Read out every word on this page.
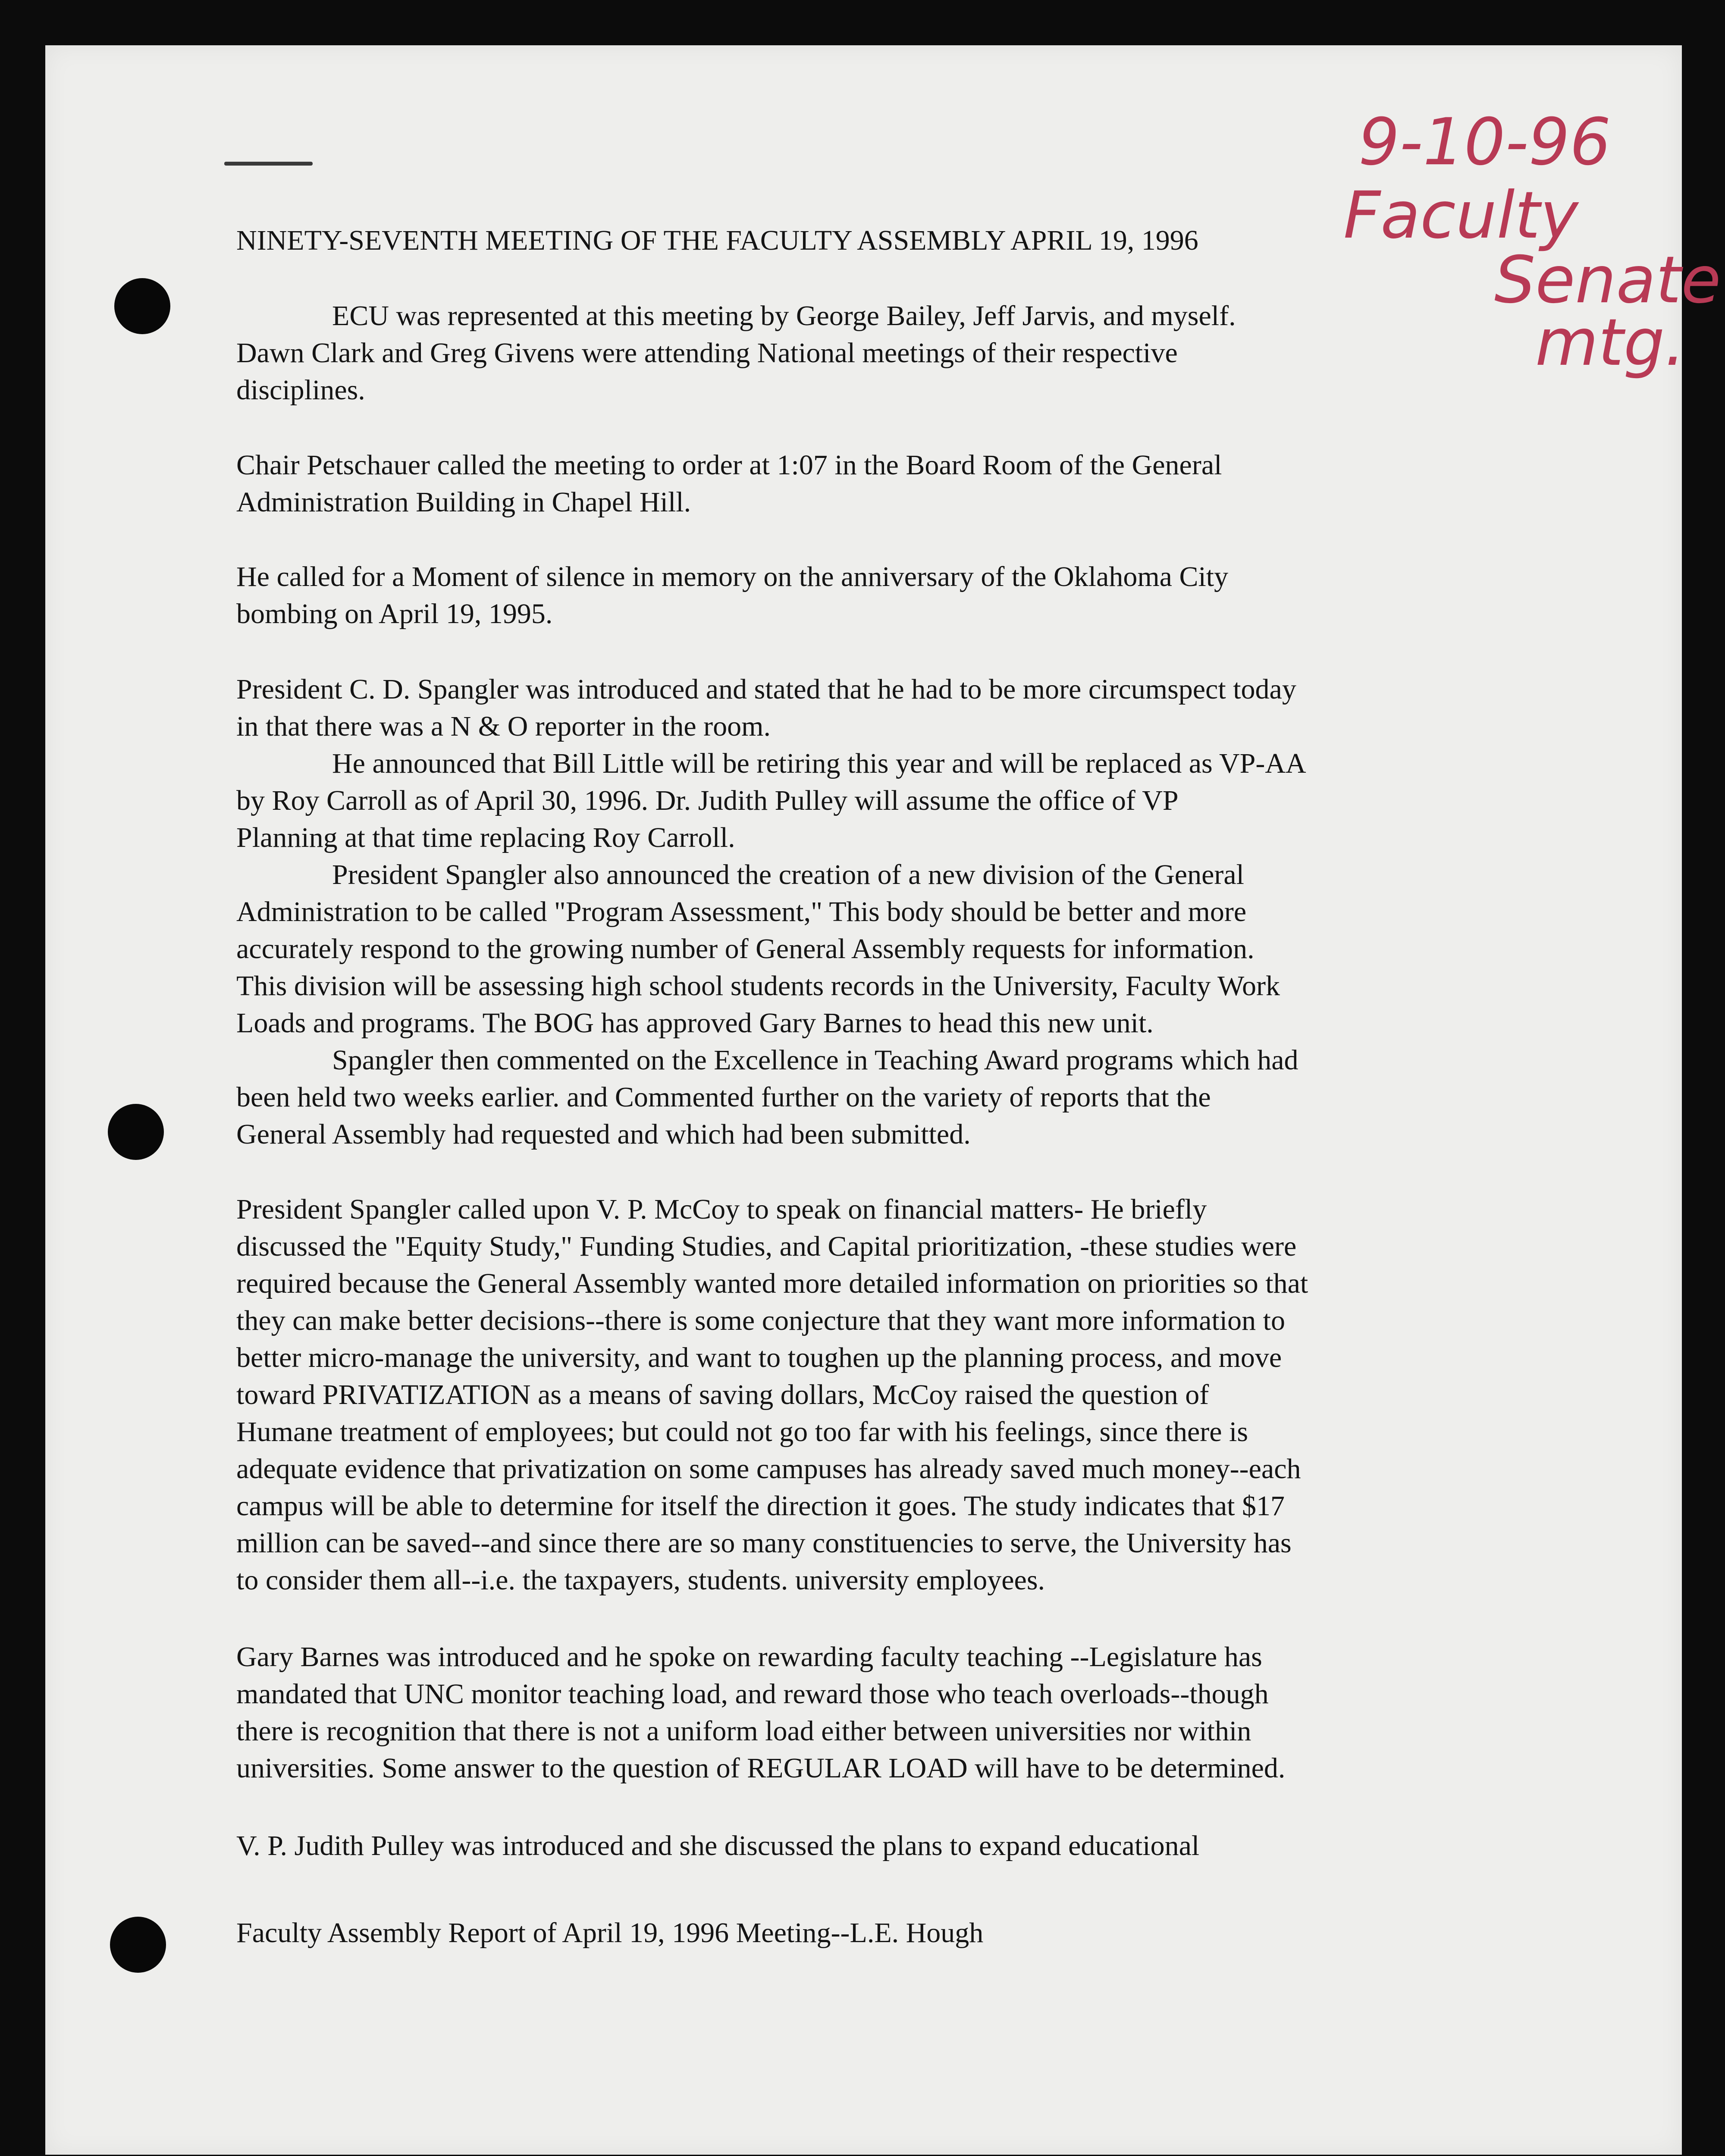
9-10-96
Faculty
Senate
mtg.
NINETY-SEVENTH MEETING OF THE FACULTY ASSEMBLY APRIL 19, 1996
ECU was represented at this meeting by George Bailey, Jeff Jarvis, and myself.
Dawn Clark and Greg Givens were attending National meetings of their respective
disciplines.
Chair Petschauer called the meeting to order at 1:07 in the Board Room of the General
Administration Building in Chapel Hill.
He called for a Moment of silence in memory on the anniversary of the Oklahoma City
bombing on April 19, 1995.
President C. D. Spangler was introduced and stated that he had to be more circumspect today
in that there was a N & O reporter in the room.
He announced that Bill Little will be retiring this year and will be replaced as VP-AA
by Roy Carroll as of April 30, 1996. Dr. Judith Pulley will assume the office of VP
Planning at that time replacing Roy Carroll.
President Spangler also announced the creation of a new division of the General
Administration to be called "Program Assessment," This body should be better and more
accurately respond to the growing number of General Assembly requests for information.
This division will be assessing high school students records in the University, Faculty Work
Loads and programs. The BOG has approved Gary Barnes to head this new unit.
Spangler then commented on the Excellence in Teaching Award programs which had
been held two weeks earlier. and Commented further on the variety of reports that the
General Assembly had requested and which had been submitted.
President Spangler called upon V. P. McCoy to speak on financial matters- He briefly
discussed the "Equity Study," Funding Studies, and Capital prioritization, -these studies were
required because the General Assembly wanted more detailed information on priorities so that
they can make better decisions--there is some conjecture that they want more information to
better micro-manage the university, and want to toughen up the planning process, and move
toward PRIVATIZATION as a means of saving dollars, McCoy raised the question of
Humane treatment of employees; but could not go too far with his feelings, since there is
adequate evidence that privatization on some campuses has already saved much money--each
campus will be able to determine for itself the direction it goes. The study indicates that $17
million can be saved--and since there are so many constituencies to serve, the University has
to consider them all--i.e. the taxpayers, students. university employees.
Gary Barnes was introduced and he spoke on rewarding faculty teaching --Legislature has
mandated that UNC monitor teaching load, and reward those who teach overloads--though
there is recognition that there is not a uniform load either between universities nor within
universities. Some answer to the question of REGULAR LOAD will have to be determined.
V. P. Judith Pulley was introduced and she discussed the plans to expand educational
Faculty Assembly Report of April 19, 1996 Meeting--L.E. Hough
